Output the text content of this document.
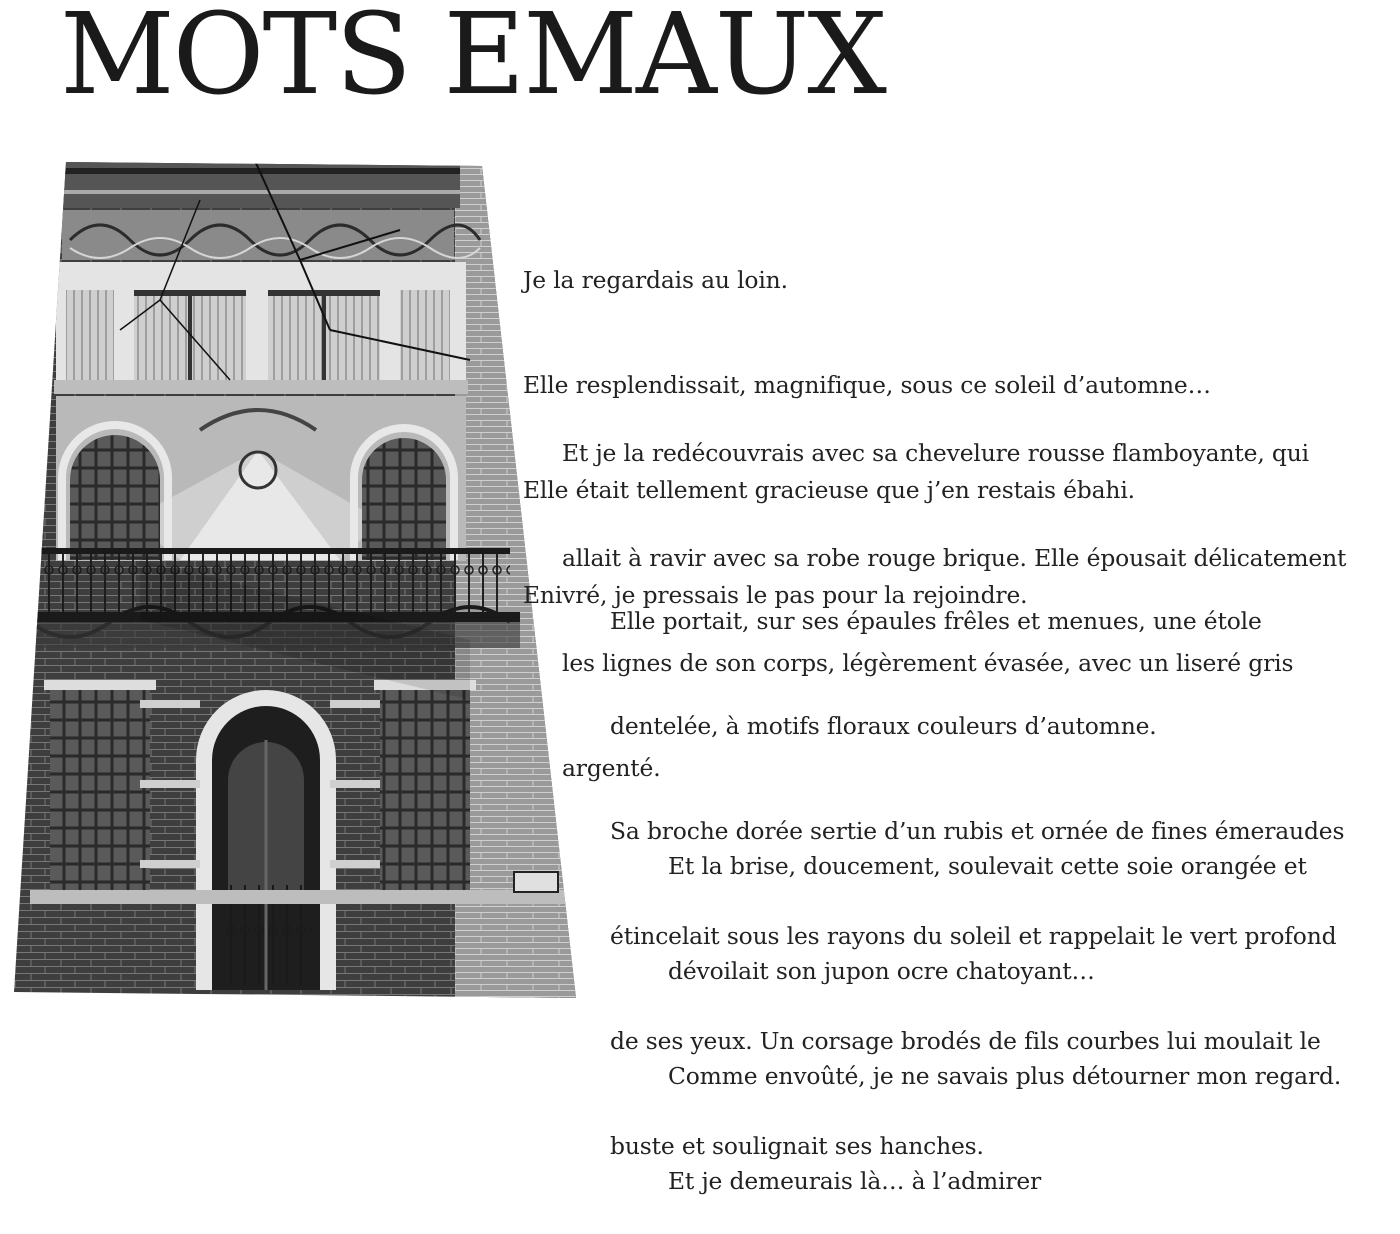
MOTS EMAUX

Je la regardais au loin.

Elle resplendissait, magnifique, sous ce soleil d’automne…

Elle était tellement gracieuse que j’en restais ébahi.

Enivré, je pressais le pas pour la rejoindre.

Et je la redécouvrais avec sa chevelure rousse flamboyante, qui

allait à ravir avec sa robe rouge brique. Elle épousait délicatement

les lignes de son corps, légèrement évasée, avec un liseré gris

argenté.

Elle portait, sur ses épaules frêles et menues, une étole

dentelée, à motifs floraux couleurs d’automne.

Sa broche dorée sertie d’un rubis et ornée de fines émeraudes

étincelait sous les rayons du soleil et rappelait le vert profond

de ses yeux. Un corsage brodés de fils courbes lui moulait le

buste et soulignait ses hanches.

Et la brise, doucement, soulevait cette soie orangée et

dévoilait son jupon ocre chatoyant…

Comme envoûté, je ne savais plus détourner mon regard.

Et je demeurais là… à l’admirer
